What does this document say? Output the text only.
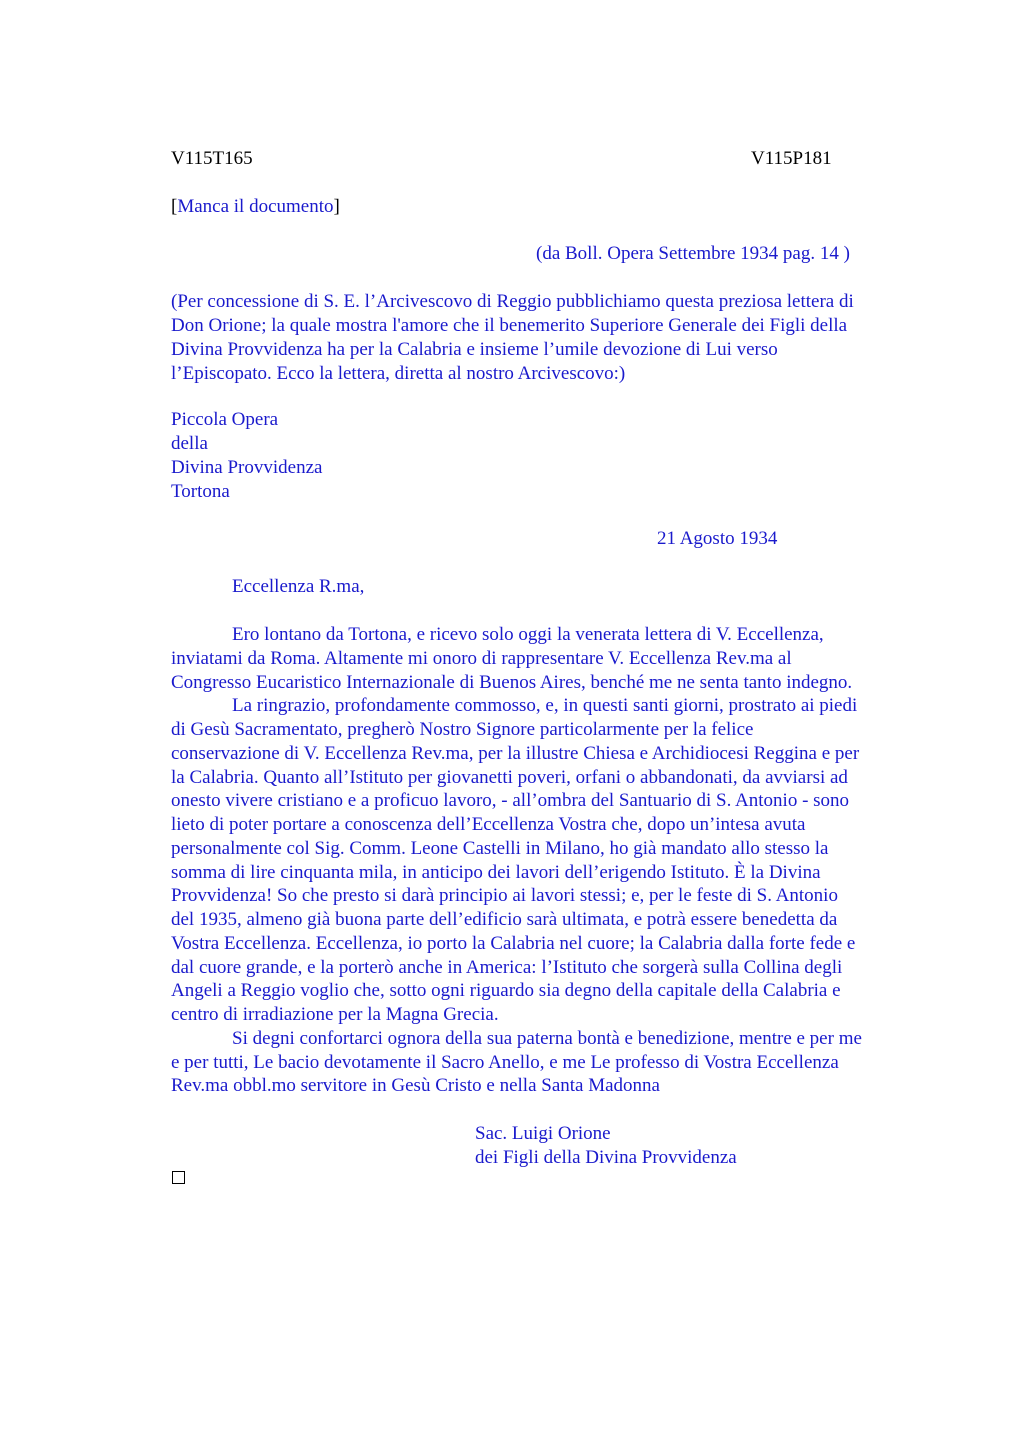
V115T165	V115P181
[Manca il documento]
(da Boll. Opera Settembre 1934 pag. 14 )
(Per concessione di S. E. l’Arcivescovo di Reggio pubblichiamo questa preziosa lettera di
Don Orione; la quale mostra l'amore che il benemerito Superiore Generale dei Figli della
Divina Provvidenza ha per la Calabria e insieme l’umile devozione di Lui verso
l’Episcopato. Ecco la lettera, diretta al nostro Arcivescovo:)
Piccola Opera
della
Divina Provvidenza
Tortona
21 Agosto 1934
Eccellenza R.ma,
Ero lontano da Tortona, e ricevo solo oggi la venerata lettera di V. Eccellenza,
inviatami da Roma. Altamente mi onoro di rappresentare V. Eccellenza Rev.ma al
Congresso Eucaristico Internazionale di Buenos Aires, benché me ne senta tanto indegno.
La ringrazio, profondamente commosso, e, in questi santi giorni, prostrato ai piedi
di Gesù Sacramentato, pregherò Nostro Signore particolarmente per la felice
conservazione di V. Eccellenza Rev.ma, per la illustre Chiesa e Archidiocesi Reggina e per
la Calabria. Quanto all’Istituto per giovanetti poveri, orfani o abbandonati, da avviarsi ad
onesto vivere cristiano e a proficuo lavoro, - all’ombra del Santuario di S. Antonio - sono
lieto di poter portare a conoscenza dell’Eccellenza Vostra che, dopo un’intesa avuta
personalmente col Sig. Comm. Leone Castelli in Milano, ho già mandato allo stesso la
somma di lire cinquanta mila, in anticipo dei lavori dell’erigendo Istituto. È la Divina
Provvidenza! So che presto si darà principio ai lavori stessi; e, per le feste di S. Antonio
del 1935, almeno già buona parte dell’edificio sarà ultimata, e potrà essere benedetta da
Vostra Eccellenza. Eccellenza, io porto la Calabria nel cuore; la Calabria dalla forte fede e
dal cuore grande, e la porterò anche in America: l’Istituto che sorgerà sulla Collina degli
Angeli a Reggio voglio che, sotto ogni riguardo sia degno della capitale della Calabria e
centro di irradiazione per la Magna Grecia.
Si degni confortarci ognora della sua paterna bontà e benedizione, mentre e per me
e per tutti, Le bacio devotamente il Sacro Anello, e me Le professo di Vostra Eccellenza
Rev.ma obbl.mo servitore in Gesù Cristo e nella Santa Madonna
Sac. Luigi Orione
dei Figli della Divina Provvidenza
